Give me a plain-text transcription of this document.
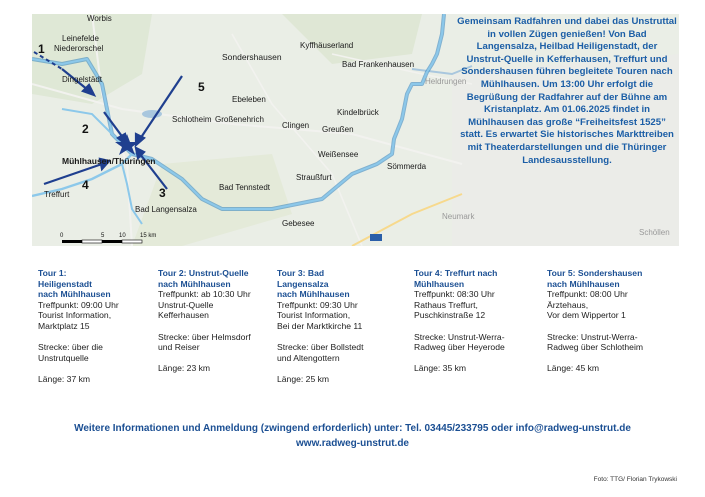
Worbis
Leinefelde
Niederorschel
Dingelstädt
Sondershausen
Kyffhäuserland
Bad Frankenhausen
Ebeleben
Schlotheim Großenehrich
Clingen Greußen
Kindelbrück
Weißensee
Sömmerda
Mühlhausen/Thüringen
Treffurt
Bad Tennstedt
Straußfurt
Bad Langensalza
Gebesee
Heldrungen
Neumark
Schöllen
1
2
3
4
5
0	5 10 15 km
Gemeinsam Radfahren und dabei das Unstruttal in vollen Zügen genießen! Von Bad Langensalza, Heilbad Heiligenstadt, der Unstrut-Quelle in Kefferhausen, Treffurt und Sondershausen führen begleitete Touren nach Mühlhausen. Um 13:00 Uhr erfolgt die Begrüßung der Radfahrer auf der Bühne am Kristanplatz. Am 01.06.2025 findet in Mühlhausen das große “Freiheitsfest 1525” statt. Es erwartet Sie historisches Markttreiben mit Theaterdarstellungen und die Thüringer Landesausstellung.
Tour 1: Heiligenstadt
nach Mühlhausen
Treffpunkt: 09:00 Uhr
Tourist Information,
Marktplatz 15
Strecke: über die
Unstrutquelle
Länge: 37 km
Tour 2: Unstrut-Quelle
nach Mühlhausen
Treffpunkt: ab 10:30 Uhr
Unstrut-Quelle
Kefferhausen
Strecke: über Helmsdorf
und Reiser
Länge: 23 km
Tour 3: Bad Langensalza
nach Mühlhausen
Treffpunkt: 09:30 Uhr
Tourist Information,
Bei der Marktkirche 11
Strecke: über Bollstedt
und Altengottern
Länge: 25 km
Tour 4: Treffurt nach
Mühlhausen
Treffpunkt: 08:30 Uhr
Rathaus Treffurt,
Puschkinstraße 12
Strecke: Unstrut-Werra-
Radweg über Heyerode
Länge: 35 km
Tour 5: Sondershausen
nach Mühlhausen
Treffpunkt: 08:00 Uhr
Ärztehaus,
Vor dem Wippertor 1
Strecke: Unstrut-Werra-
Radweg über Schlotheim
Länge: 45 km
Weitere Informationen und Anmeldung (zwingend erforderlich) unter: Tel. 03445/233795 oder info@radweg-unstrut.de
www.radweg-unstrut.de
Foto: TTG/ Florian Trykowski
